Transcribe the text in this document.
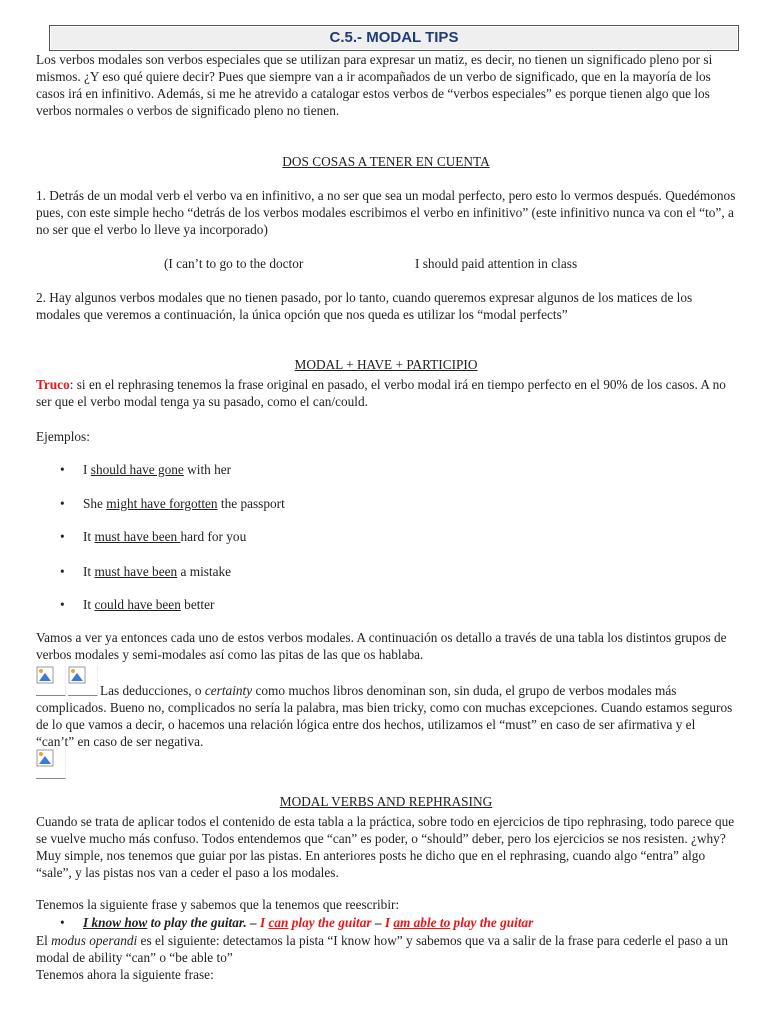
C.5.- MODAL TIPS

Los verbos modales son verbos especiales que se utilizan para expresar un matiz, es decir, no tienen un significado pleno por si mismos. ¿Y eso qué quiere decir? Pues que siempre van a ir acompañados de un verbo de significado, que en la mayoría de los casos irá en infinitivo. Además, si me he atrevido a catalogar estos verbos de “verbos especiales” es porque tienen algo que los verbos normales o verbos de significado pleno no tienen.

DOS COSAS A TENER EN CUENTA

1. Detrás de un modal verb el verbo va en infinitivo, a no ser que sea un modal perfecto, pero esto lo vermos después. Quedémonos pues, con este simple hecho “detrás de los verbos modales escribimos el verbo en infinitivo” (este infinitivo nunca va con el “to”, a no ser que el verbo lo lleve ya incorporado)

(I can’t to go to the doctor	I should paid attention in class

2. Hay algunos verbos modales que no tienen pasado, por lo tanto, cuando queremos expresar algunos de los matices de los modales que veremos a continuación, la única opción que nos queda es utilizar los “modal perfects”

MODAL + HAVE + PARTICIPIO

Truco: si en el rephrasing tenemos la frase original en pasado, el verbo modal irá en tiempo perfecto en el 90% de los casos. A no ser que el verbo modal tenga ya su pasado, como el can/could.

Ejemplos:

• I should have gone with her
• She might have forgotten the passport
• It must have been hard for you
• It must have been a mistake
• It could have been better

Vamos a ver ya entonces cada uno de estos verbos modales. A continuación os detallo a través de una tabla los distintos grupos de verbos modales y semi-modales así como las pitas de las que os hablaba.

Las deducciones, o certainty como muchos libros denominan son, sin duda, el grupo de verbos modales más complicados. Bueno no, complicados no sería la palabra, mas bien tricky, como con muchas excepciones. Cuando estamos seguros de lo que vamos a decir, o hacemos una relación lógica entre dos hechos, utilizamos el “must” en caso de ser afirmativa y el “can’t” en caso de ser negativa.

MODAL VERBS AND REPHRASING

Cuando se trata de aplicar todos el contenido de esta tabla a la práctica, sobre todo en ejercicios de tipo rephrasing, todo parece que se vuelve mucho más confuso. Todos entendemos que “can” es poder, o “should” deber, pero los ejercicios se nos resisten. ¿why? Muy simple, nos tenemos que guiar por las pistas. En anteriores posts he dicho que en el rephrasing, cuando algo “entra” algo “sale”, y las pistas nos van a ceder el paso a los modales.

Tenemos la siguiente frase y sabemos que la tenemos que reescribir:

• I know how to play the guitar. – I can play the guitar – I am able to play the guitar

El modus operandi es el siguiente: detectamos la pista “I know how” y sabemos que va a salir de la frase para cederle el paso a un modal de ability “can” o “be able to”

Tenemos ahora la siguiente frase:
